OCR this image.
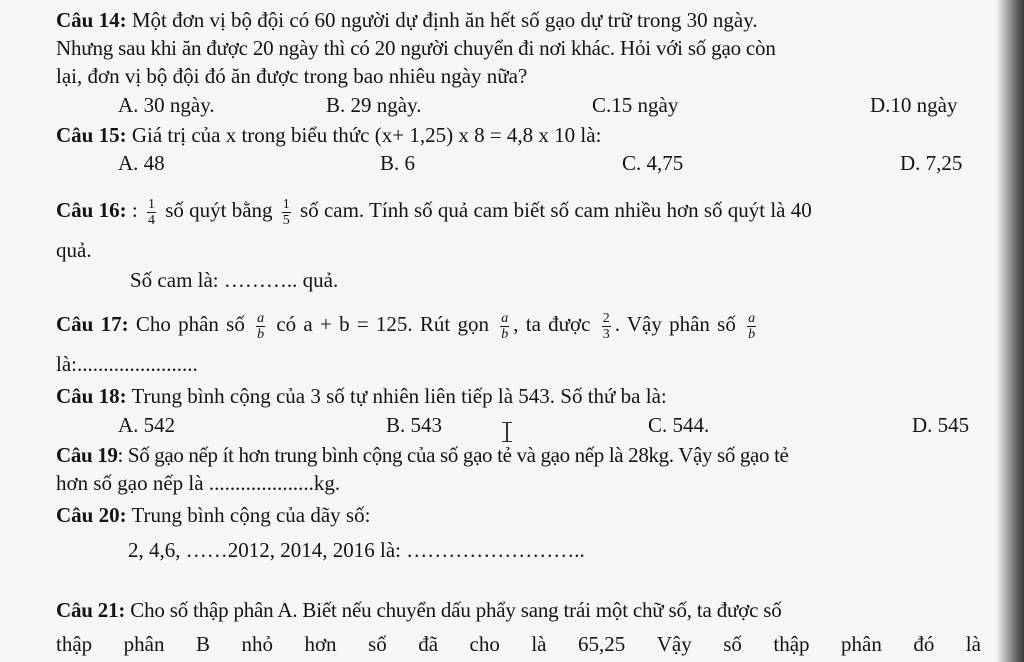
Câu 14: Một đơn vị bộ đội có 60 người dự định ăn hết số gạo dự trữ trong 30 ngày.
Nhưng sau khi ăn được 20 ngày thì có 20 người chuyển đi nơi khác. Hỏi với số gạo còn
lại, đơn vị bộ đội đó ăn được trong bao nhiêu ngày nữa?
A. 30 ngày.	B. 29 ngày.	C.15 ngày	D.10 ngày
Câu 15: Giá trị của x trong biểu thức (x+ 1,25) x 8 = 4,8 x 10 là:
A. 48	B. 6	C. 4,75	D. 7,25
Câu 16: : $\frac{1}{4}$ số quýt bằng $\frac{1}{5}$ số cam. Tính số quả cam biết số cam nhiều hơn số quýt là 40
quả.
Số cam là: ……….. quả.
Câu 17: Cho phân số $\frac{a}{b}$ có a + b = 125. Rút gọn $\frac{a}{b}$ , ta được $\frac{2}{3}$ . Vậy phân số $\frac{a}{b}$
là:.......................
Câu 18: Trung bình cộng của 3 số tự nhiên liên tiếp là 543. Số thứ ba là:
A. 542	B. 543	C. 544.	D. 545
Câu 19: Số gạo nếp ít hơn trung bình cộng của số gạo tẻ và gạo nếp là 28kg. Vậy số gạo tẻ
hơn số gạo nếp là ....................kg.
Câu 20: Trung bình cộng của dãy số:
2, 4,6, ……2012, 2014, 2016 là: ……………………..
Câu 21: Cho số thập phân A. Biết nếu chuyển dấu phẩy sang trái một chữ số, ta được số
thập phân B nhỏ hơn số đã cho là 65,25 Vậy số thập phân đó là
